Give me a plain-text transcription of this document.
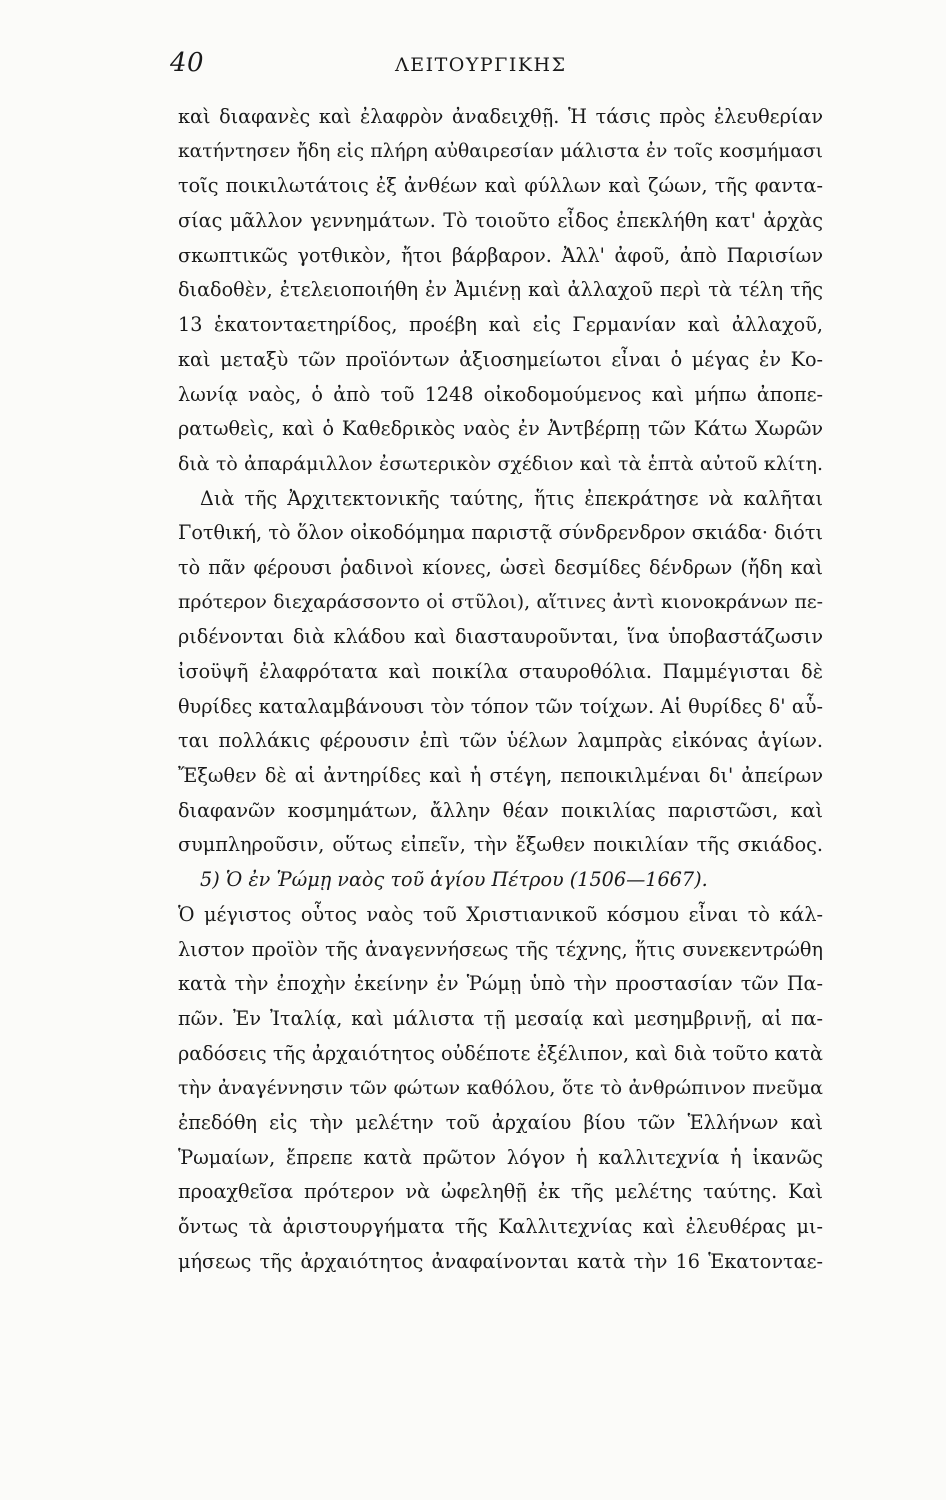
40	ΛΕΙΤΟΥΡΓΙΚΗΣ
καὶ διαφανὲς καὶ ἐλαφρὸν ἀναδειχθῇ. Ἡ τάσις πρὸς ἐλευθερίαν
κατήντησεν ἤδη εἰς πλήρη αὐθαιρεσίαν μάλιστα ἐν τοῖς κοσμήμασι
τοῖς ποικιλωτάτοις ἐξ ἀνθέων καὶ φύλλων καὶ ζώων, τῆς φαντα-
σίας μᾶλλον γεννημάτων. Τὸ τοιοῦτο εἶδος ἐπεκλήθη κατ' ἀρχὰς
σκωπτικῶς γοτθικὸν, ἤτοι βάρβαρον. Ἀλλ' ἀφοῦ, ἀπὸ Παρισίων
διαδοθὲν, ἐτελειοποιήθη ἐν Ἀμιένῃ καὶ ἀλλαχοῦ περὶ τὰ τέλη τῆς
13 ἑκατονταετηρίδος, προέβη καὶ εἰς Γερμανίαν καὶ ἀλλαχοῦ,
καὶ μεταξὺ τῶν προϊόντων ἀξιοσημείωτοι εἶναι ὁ μέγας ἐν Κο-
λωνίᾳ ναὸς, ὁ ἀπὸ τοῦ 1248 οἰκοδομούμενος καὶ μήπω ἀποπε-
ρατωθεὶς, καὶ ὁ Καθεδρικὸς ναὸς ἐν Ἀντβέρπῃ τῶν Κάτω Χωρῶν
διὰ τὸ ἀπαράμιλλον ἐσωτερικὸν σχέδιον καὶ τὰ ἑπτὰ αὐτοῦ κλίτη.
Διὰ τῆς Ἀρχιτεκτονικῆς ταύτης, ἥτις ἐπεκράτησε νὰ καλῆται
Γοτθική, τὸ ὅλον οἰκοδόμημα παριστᾷ σύνδρενδρον σκιάδα· διότι
τὸ πᾶν φέρουσι ῥαδινοὶ κίονες, ὡσεὶ δεσμίδες δένδρων (ἤδη καὶ
πρότερον διεχαράσσοντο οἱ στῦλοι), αἵτινες ἀντὶ κιονοκράνων πε-
ριδένονται διὰ κλάδου καὶ διασταυροῦνται, ἵνα ὑποβαστάζωσιν
ἰσοϋψῆ ἐλαφρότατα καὶ ποικίλα σταυροθόλια. Παμμέγισται δὲ
θυρίδες καταλαμβάνουσι τὸν τόπον τῶν τοίχων. Αἱ θυρίδες δ' αὗ-
ται πολλάκις φέρουσιν ἐπὶ τῶν ὑέλων λαμπρὰς εἰκόνας ἁγίων.
Ἔξωθεν δὲ αἱ ἀντηρίδες καὶ ἡ στέγη, πεποικιλμέναι δι' ἀπείρων
διαφανῶν κοσμημάτων, ἄλλην θέαν ποικιλίας παριστῶσι, καὶ
συμπληροῦσιν, οὕτως εἰπεῖν, τὴν ἔξωθεν ποικιλίαν τῆς σκιάδος.
5) Ὁ ἐν Ῥώμῃ ναὸς τοῦ ἁγίου Πέτρου (1506—1667).
Ὁ μέγιστος οὗτος ναὸς τοῦ Χριστιανικοῦ κόσμου εἶναι τὸ κάλ-
λιστον προϊὸν τῆς ἀναγεννήσεως τῆς τέχνης, ἥτις συνεκεντρώθη
κατὰ τὴν ἐποχὴν ἐκείνην ἐν Ῥώμῃ ὑπὸ τὴν προστασίαν τῶν Πα-
πῶν. Ἐν Ἰταλίᾳ, καὶ μάλιστα τῇ μεσαίᾳ καὶ μεσημβρινῇ, αἱ πα-
ραδόσεις τῆς ἀρχαιότητος οὐδέποτε ἐξέλιπον, καὶ διὰ τοῦτο κατὰ
τὴν ἀναγέννησιν τῶν φώτων καθόλου, ὅτε τὸ ἀνθρώπινον πνεῦμα
ἐπεδόθη εἰς τὴν μελέτην τοῦ ἀρχαίου βίου τῶν Ἑλλήνων καὶ
Ῥωμαίων, ἔπρεπε κατὰ πρῶτον λόγον ἡ καλλιτεχνία ἡ ἱκανῶς
προαχθεῖσα πρότερον νὰ ὠφεληθῇ ἐκ τῆς μελέτης ταύτης. Καὶ
ὄντως τὰ ἀριστουργήματα τῆς Καλλιτεχνίας καὶ ἐλευθέρας μι-
μήσεως τῆς ἀρχαιότητος ἀναφαίνονται κατὰ τὴν 16 Ἑκατονταε-
